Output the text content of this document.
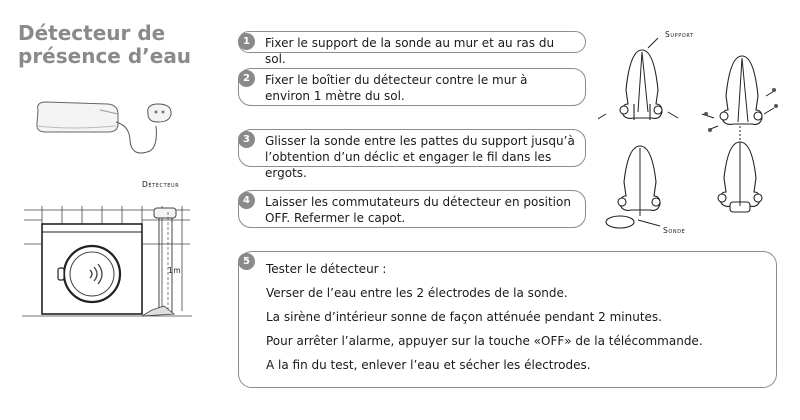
Détecteur de
présence d’eau
Détecteur
1m
1	Fixer le support de la sonde au mur et au ras du sol.
2	Fixer le boîtier du détecteur contre le mur à environ 1 mètre du sol.
3	Glisser la sonde entre les pattes du support jusqu’à l’obtention d’un déclic et engager le fil dans les ergots.
4	Laisser les commutateurs du détecteur en position OFF. Refermer le capot.
5
Tester le détecteur :
Verser de l’eau entre les 2 électrodes de la sonde.
La sirène d’intérieur sonne de façon atténuée pendant 2 minutes.
Pour arrêter l’alarme, appuyer sur la touche «OFF» de la télécommande.
A la fin du test, enlever l’eau et sécher les électrodes.
Support
Sonde
